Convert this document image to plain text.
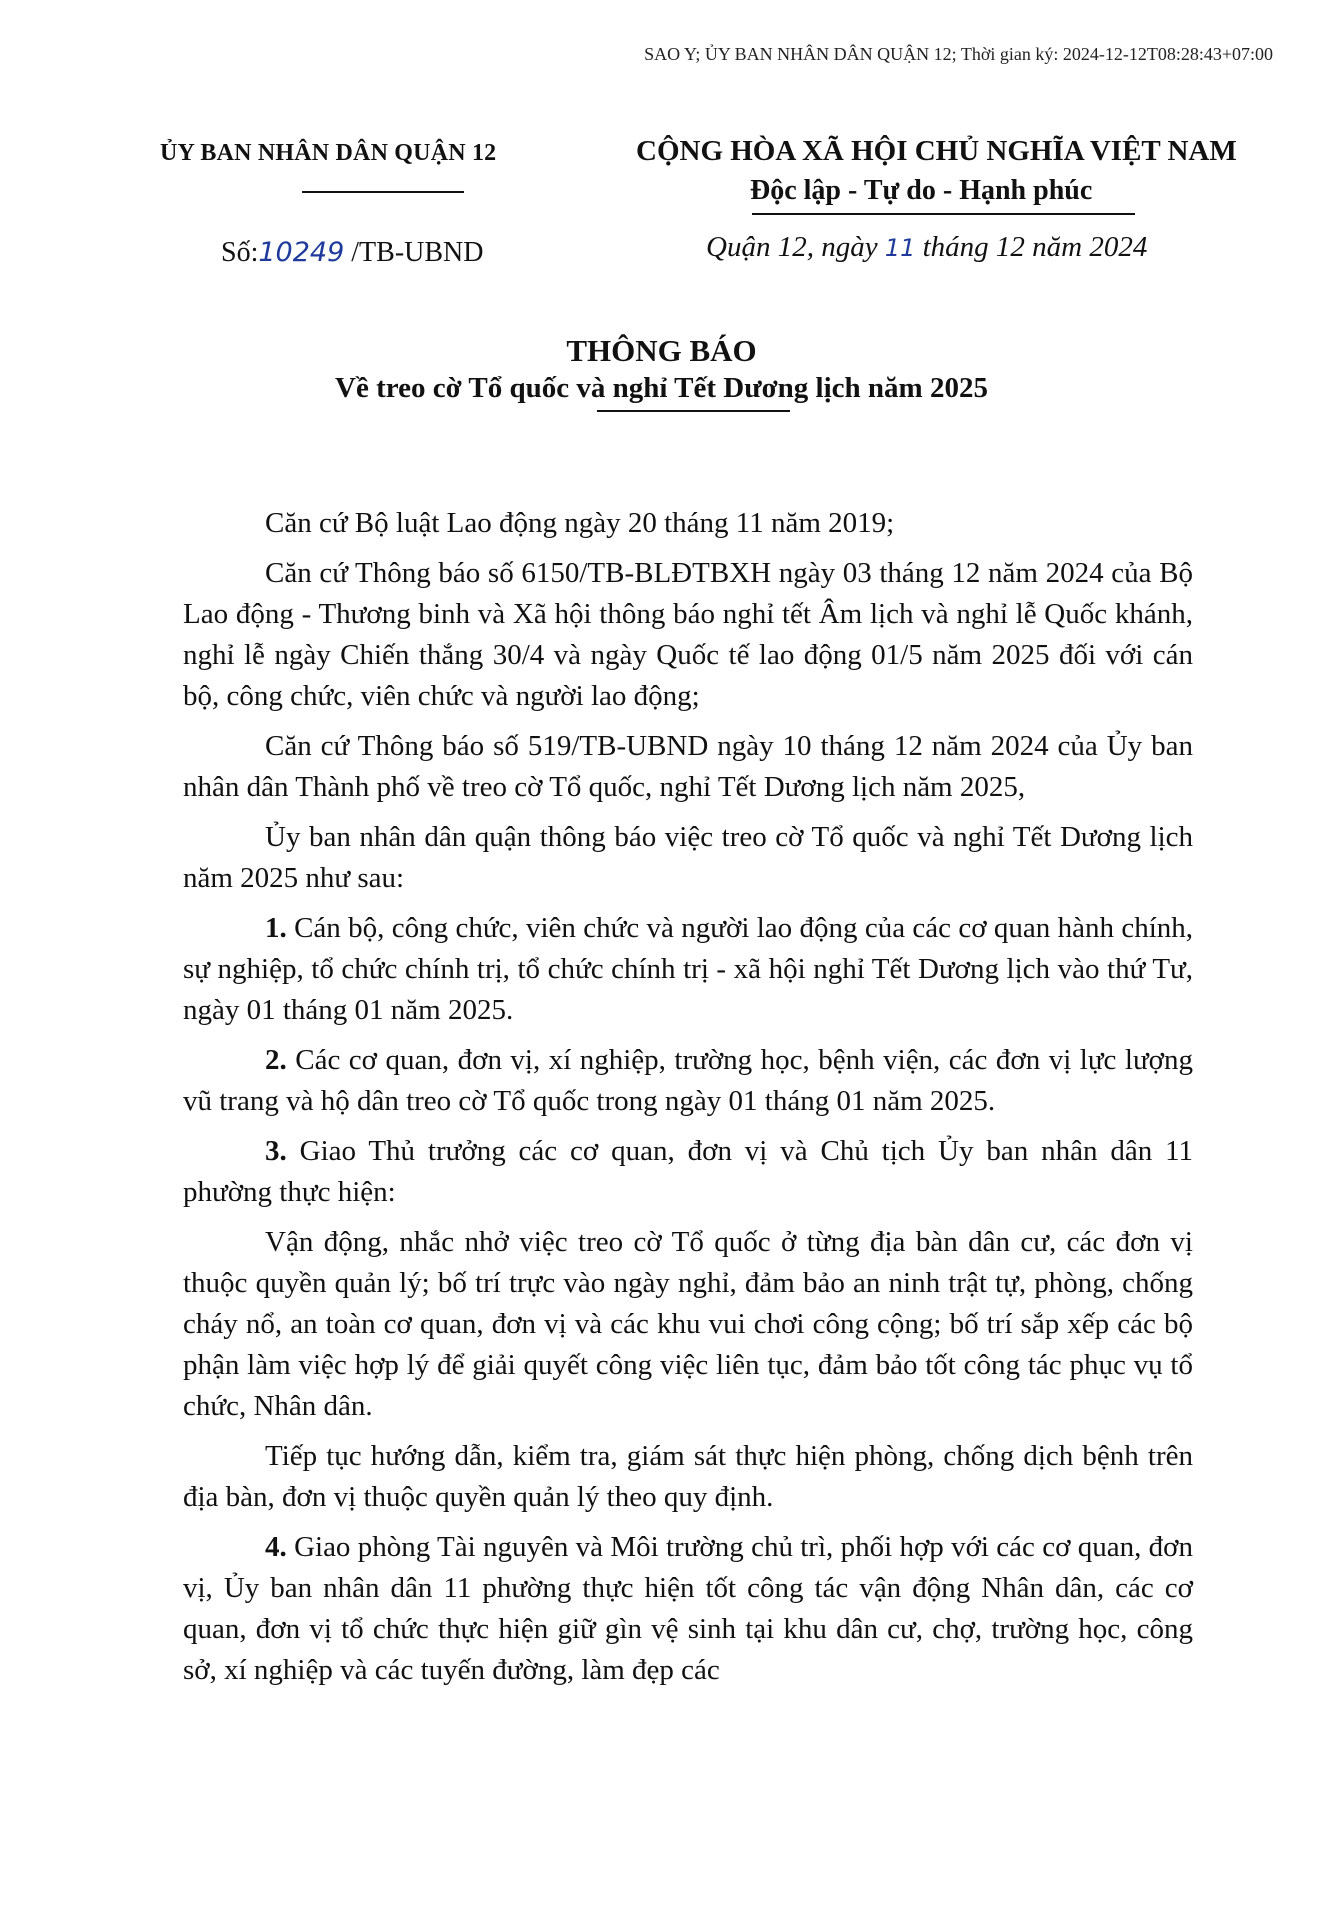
SAO Y; ỦY BAN NHÂN DÂN QUẬN 12; Thời gian ký: 2024-12-12T08:28:43+07:00
ỦY BAN NHÂN DÂN QUẬN 12	CỘNG HÒA XÃ HỘI CHỦ NGHĨA VIỆT NAM
Độc lập - Tự do - Hạnh phúc
Số:10249 /TB-UBND	Quận 12, ngày 11 tháng 12 năm 2024
THÔNG BÁO
Về treo cờ Tổ quốc và nghỉ Tết Dương lịch năm 2025

Căn cứ Bộ luật Lao động ngày 20 tháng 11 năm 2019;

Căn cứ Thông báo số 6150/TB-BLĐTBXH ngày 03 tháng 12 năm 2024 của Bộ Lao động - Thương binh và Xã hội thông báo nghỉ tết Âm lịch và nghỉ lễ Quốc khánh, nghỉ lễ ngày Chiến thắng 30/4 và ngày Quốc tế lao động 01/5 năm 2025 đối với cán bộ, công chức, viên chức và người lao động;

Căn cứ Thông báo số 519/TB-UBND ngày 10 tháng 12 năm 2024 của Ủy ban nhân dân Thành phố về treo cờ Tổ quốc, nghỉ Tết Dương lịch năm 2025,

Ủy ban nhân dân quận thông báo việc treo cờ Tổ quốc và nghỉ Tết Dương lịch năm 2025 như sau:

1. Cán bộ, công chức, viên chức và người lao động của các cơ quan hành chính, sự nghiệp, tổ chức chính trị, tổ chức chính trị - xã hội nghỉ Tết Dương lịch vào thứ Tư, ngày 01 tháng 01 năm 2025.

2. Các cơ quan, đơn vị, xí nghiệp, trường học, bệnh viện, các đơn vị lực lượng vũ trang và hộ dân treo cờ Tổ quốc trong ngày 01 tháng 01 năm 2025.

3. Giao Thủ trưởng các cơ quan, đơn vị và Chủ tịch Ủy ban nhân dân 11 phường thực hiện:

Vận động, nhắc nhở việc treo cờ Tổ quốc ở từng địa bàn dân cư, các đơn vị thuộc quyền quản lý; bố trí trực vào ngày nghỉ, đảm bảo an ninh trật tự, phòng, chống cháy nổ, an toàn cơ quan, đơn vị và các khu vui chơi công cộng; bố trí sắp xếp các bộ phận làm việc hợp lý để giải quyết công việc liên tục, đảm bảo tốt công tác phục vụ tổ chức, Nhân dân.

Tiếp tục hướng dẫn, kiểm tra, giám sát thực hiện phòng, chống dịch bệnh trên địa bàn, đơn vị thuộc quyền quản lý theo quy định.

4. Giao phòng Tài nguyên và Môi trường chủ trì, phối hợp với các cơ quan, đơn vị, Ủy ban nhân dân 11 phường thực hiện tốt công tác vận động Nhân dân, các cơ quan, đơn vị tổ chức thực hiện giữ gìn vệ sinh tại khu dân cư, chợ, trường học, công sở, xí nghiệp và các tuyến đường, làm đẹp các
